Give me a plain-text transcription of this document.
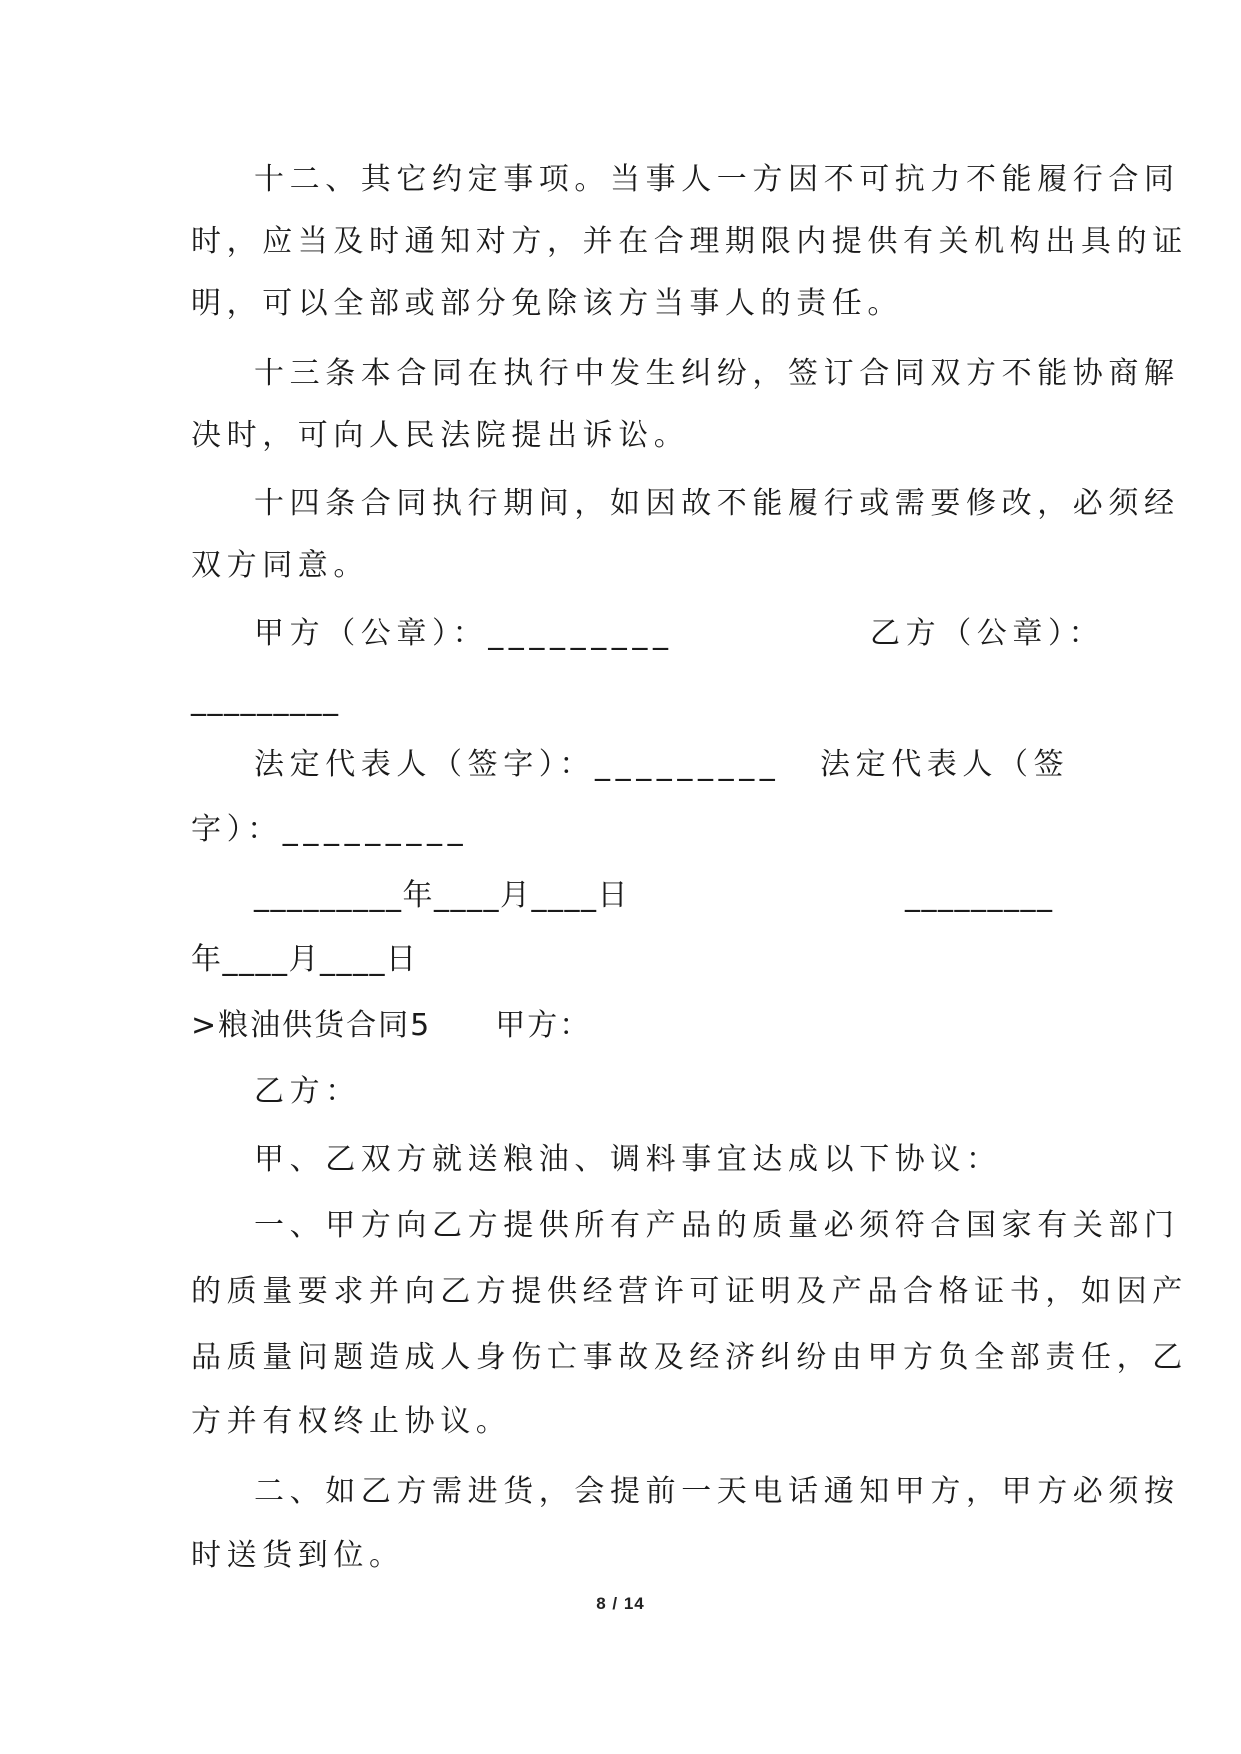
十二、其它约定事项。当事人一方因不可抗力不能履行合同
时，应当及时通知对方，并在合理期限内提供有关机构出具的证
明，可以全部或部分免除该方当事人的责任。
十三条本合同在执行中发生纠纷，签订合同双方不能协商解
决时，可向人民法院提出诉讼。
十四条合同执行期间，如因故不能履行或需要修改，必须经
双方同意。
甲方（公章）：_________	乙方（公章）：
_________
法定代表人（签字）：_________ 法定代表人（签
字）：_________
_________年____月____日	_________
年____月____日
>粮油供货合同5　　甲方：
乙方：
甲、乙双方就送粮油、调料事宜达成以下协议：
一、甲方向乙方提供所有产品的质量必须符合国家有关部门
的质量要求并向乙方提供经营许可证明及产品合格证书，如因产
品质量问题造成人身伤亡事故及经济纠纷由甲方负全部责任，乙
方并有权终止协议。
二、如乙方需进货，会提前一天电话通知甲方，甲方必须按
时送货到位。
8 / 14
